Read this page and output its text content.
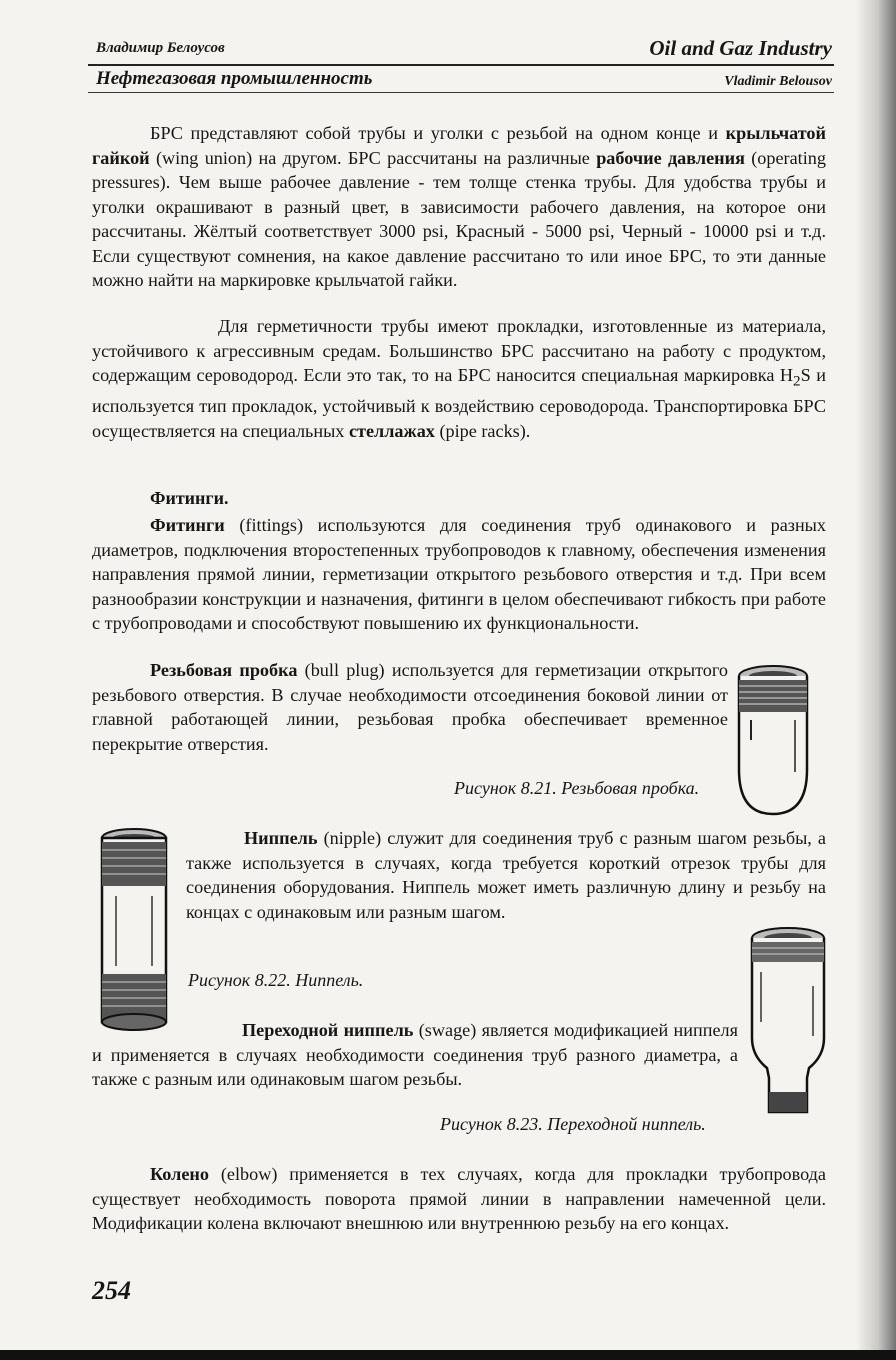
Владимир Белоусов	Oil and Gaz Industry
Нефтегазовая промышленность	Vladimir Belousov

БРС представляют собой трубы и уголки с резьбой на одном конце и крыльчатой гайкой (wing union) на другом. БРС рассчитаны на различные рабочие давления (operating pressures). Чем выше рабочее давление - тем толще стенка трубы. Для удобства трубы и уголки окрашивают в разный цвет, в зависимости рабочего давления, на которое они рассчитаны. Жёлтый соответствует 3000 psi, Красный - 5000 psi, Черный - 10000 psi и т.д. Если существуют сомнения, на какое давление рассчитано то или иное БРС, то эти данные можно найти на маркировке крыльчатой гайки.

Для герметичности трубы имеют прокладки, изготовленные из материала, устойчивого к агрессивным средам. Большинство БРС рассчитано на работу с продуктом, содержащим сероводород. Если это так, то на БРС наносится специальная маркировка $H_2S$ и используется тип прокладок, устойчивый к воздействию сероводорода. Транспортировка БРС осуществляется на специальных стеллажах (pipe racks).

Фитинги.

Фитинги (fittings) используются для соединения труб одинакового и разных диаметров, подключения второстепенных трубопроводов к главному, обеспечения изменения направления прямой линии, герметизации открытого резьбового отверстия и т.д. При всем разнообразии конструкции и назначения, фитинги в целом обеспечивают гибкость при работе с трубопроводами и способствуют повышению их функциональности.

Резьбовая пробка (bull plug) используется для герметизации открытого резьбового отверстия. В случае необходимости отсоединения боковой линии от главной работающей линии, резьбовая пробка обеспечивает временное перекрытие отверстия.

Рисунок 8.21. Резьбовая пробка.

Ниппель (nipple) служит для соединения труб с разным шагом резьбы, а также используется в случаях, когда требуется короткий отрезок трубы для соединения оборудования. Ниппель может иметь различную длину и резьбу на концах с одинаковым или разным шагом.

Рисунок 8.22. Ниппель.

Переходной ниппель (swage) является модификацией ниппеля и применяется в случаях необходимости соединения труб разного диаметра, а также с разным или одинаковым шагом резьбы.

Рисунок 8.23. Переходной ниппель.

Колено (elbow) применяется в тех случаях, когда для прокладки трубопровода существует необходимость поворота прямой линии в направлении намеченной цели. Модификации колена включают внешнюю или внутреннюю резьбу на его концах.

254
